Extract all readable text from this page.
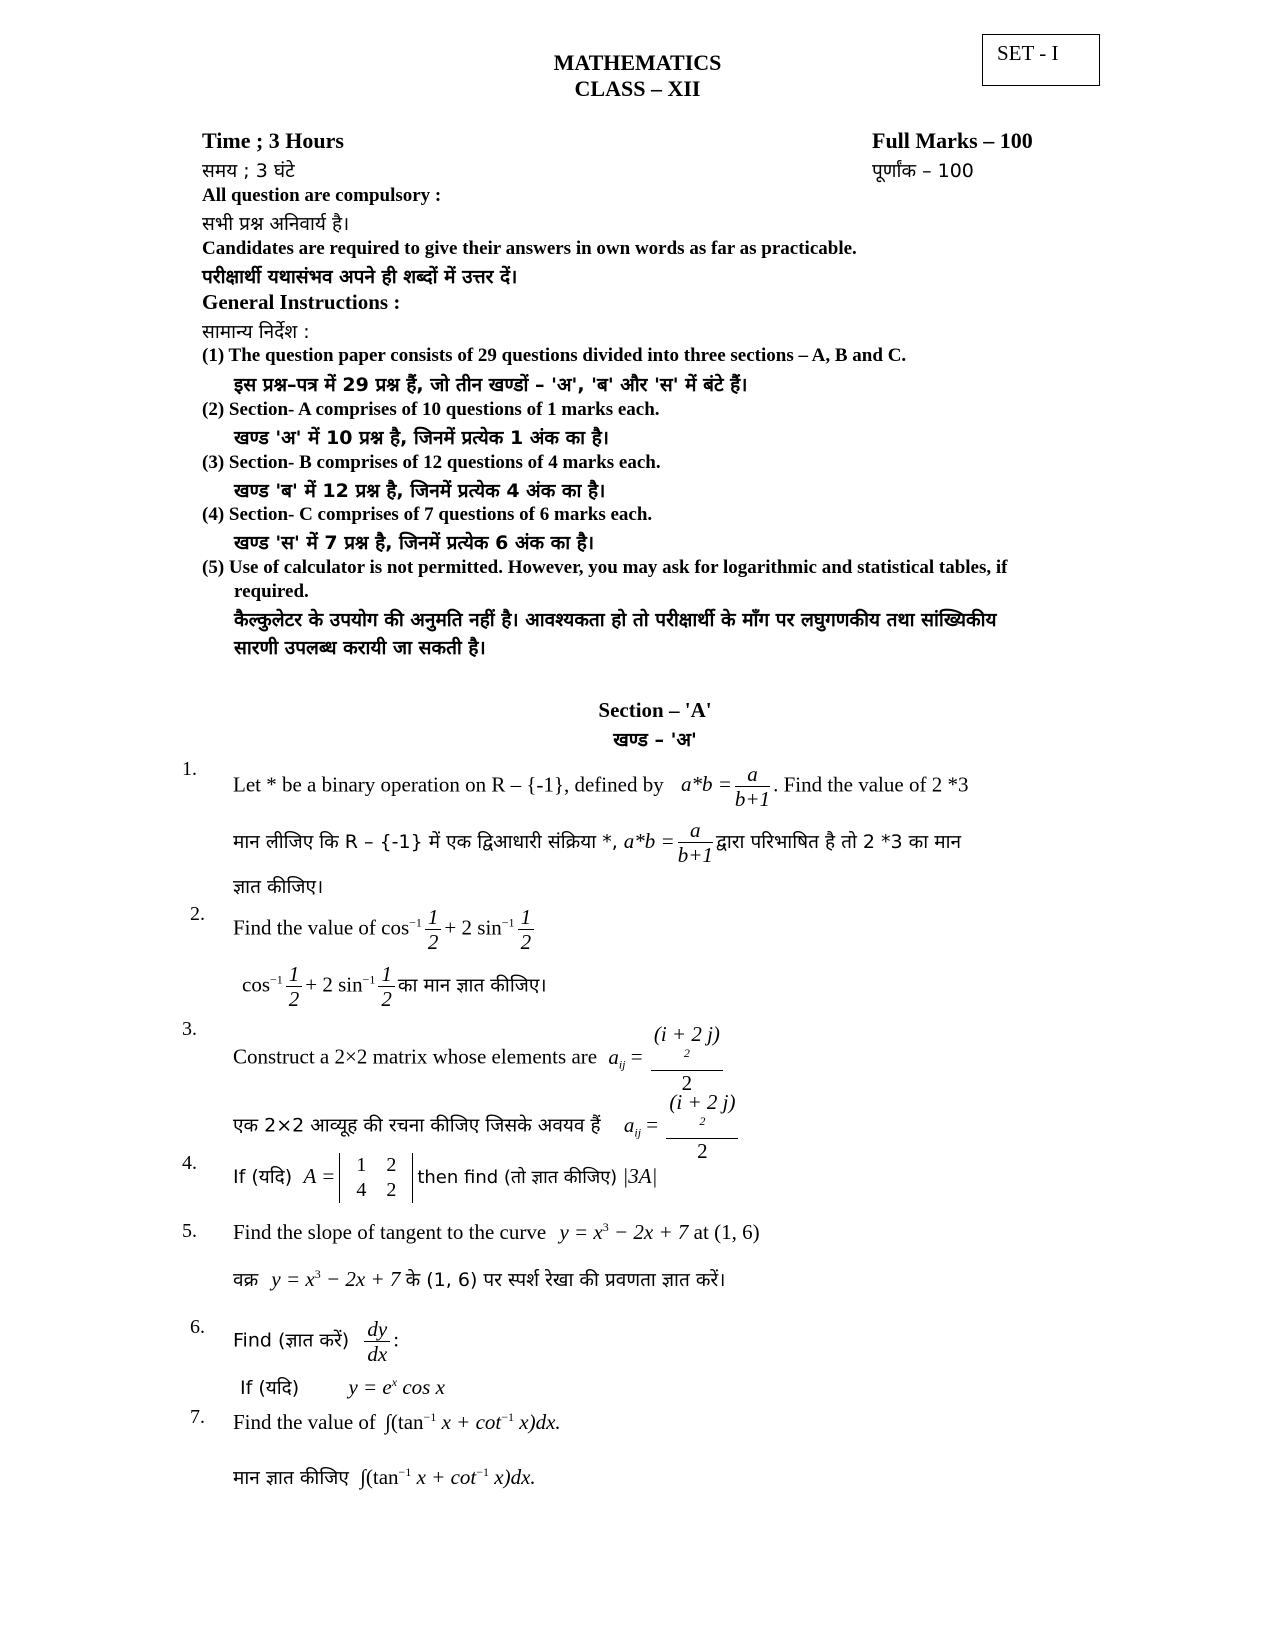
SET - I
MATHEMATICS
CLASS – XII
Time ; 3 Hours	Full Marks – 100
समय ; 3 घंटे	पूर्णांक – 100
All question are compulsory :
सभी प्रश्न अनिवार्य है।
Candidates are required to give their answers in own words as far as practicable.
परीक्षार्थी यथासंभव अपने ही शब्दों में उत्तर दें।
General Instructions :
सामान्य निर्देश :
(1) The question paper consists of 29 questions divided into three sections – A, B and C.
इस प्रश्न–पत्र में 29 प्रश्न हैं, जो तीन खण्डों – 'अ', 'ब' और 'स' में बंटे हैं।
(2) Section- A comprises of 10 questions of 1 marks each.
खण्ड 'अ' में 10 प्रश्न है, जिनमें प्रत्येक 1 अंक का है।
(3) Section- B comprises of 12 questions of 4 marks each.
खण्ड 'ब' में 12 प्रश्न है, जिनमें प्रत्येक 4 अंक का है।
(4) Section- C comprises of 7 questions of 6 marks each.
खण्ड 'स' में 7 प्रश्न है, जिनमें प्रत्येक 6 अंक का है।
(5) Use of calculator is not permitted. However, you may ask for logarithmic and statistical tables, if
required.
कैल्कुलेटर के उपयोग की अनुमति नहीं है। आवश्यकता हो तो परीक्षार्थी के माँग पर लघुगणकीय तथा सांख्यिकीय
सारणी उपलब्ध करायी जा सकती है।
Section – 'A'
खण्ड – 'अ'
1.
Let * be a binary operation on R – {-1}, defined by $a*b = \frac{a}{b+1}$ . Find the value of 2 *3
मान लीजिए कि R – {-1} में एक द्विआधारी संक्रिया *, $a*b = \frac{a}{b+1}$ द्वारा परिभाषित है तो 2 *3 का मान
ज्ञात कीजिए।
2.
Find the value of $\cos^{-1} \frac{1}{2} + 2$ $\sin^{-1} \frac{1}{2}$
$\cos^{-1} \frac{1}{2} + 2$ $\sin^{-1} \frac{1}{2}$ का मान ज्ञात कीजिए।
3.
Construct a 2×2 matrix whose elements are $a_{ij} = (i + 2$ j)
$^2$
2
एक 2×2 आव्यूह की रचना कीजिए जिसके अवयव हैं $a_{ij} = (i + 2$ j)
$^2$
2
4.
If (यदि) A =	1 2
4 2
then find (तो ज्ञात कीजिए) |3A|
5. Find the slope of tangent to the curve $y = x^3 - 2x + 7$ at (1, 6)
वक्र $y = x^3 - 2x + 7$ के (1, 6) पर स्पर्श रेखा की प्रवणता ज्ञात करें।
6.
Find (ज्ञात करें) $\frac{dy}{dx}$ :
If (यदि) $y = e^x$ cos x
7. Find the value of $\int(\tan^{-1}$ $x + \cot^{-1} x)dx$.
मान ज्ञात कीजिए $\int(\tan^{-1}$ $x + \cot^{-1} x)dx$.
